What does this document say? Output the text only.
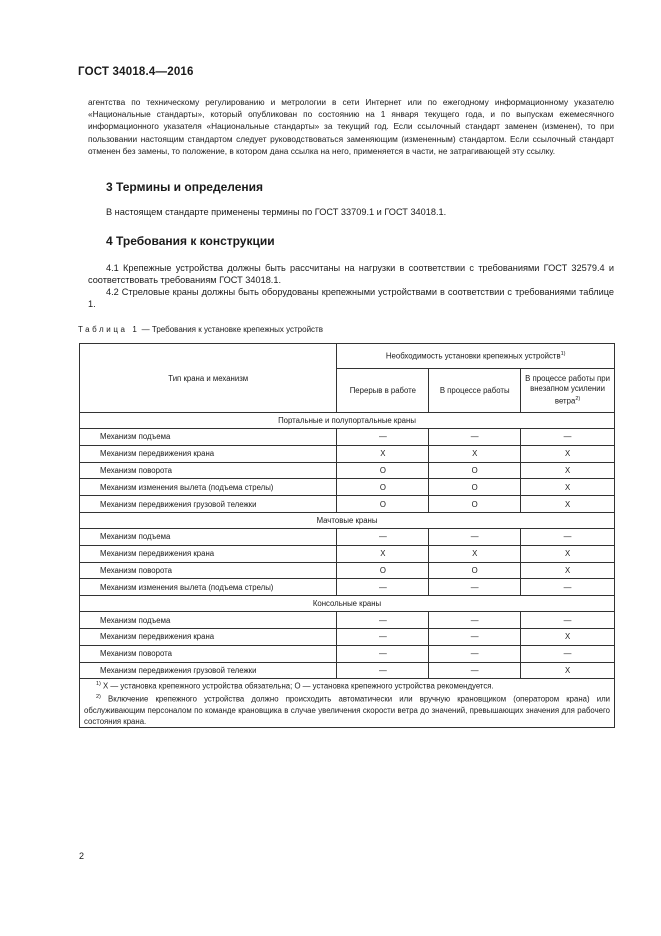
ГОСТ 34018.4—2016

агентства по техническому регулированию и метрологии в сети Интернет или по ежегодному информационному указателю «Национальные стандарты», который опубликован по состоянию на 1 января текущего года, и по выпускам ежемесячного информационного указателя «Национальные стандарты» за текущий год. Если ссылочный стандарт заменен (изменен), то при пользовании настоящим стандартом следует руководствоваться заменяющим (измененным) стандартом. Если ссылочный стандарт отменен без замены, то положение, в котором дана ссылка на него, применяется в части, не затрагивающей эту ссылку.

3 Термины и определения

В настоящем стандарте применены термины по ГОСТ 33709.1 и ГОСТ 34018.1.

4 Требования к конструкции

4.1 Крепежные устройства должны быть рассчитаны на нагрузки в соответствии с требованиями ГОСТ 32579.4 и соответствовать требованиям ГОСТ 34018.1.

4.2 Стреловые краны должны быть оборудованы крепежными устройствами в соответствии с требованиями таблице 1.

Таблица 1 — Требования к установке крепежных устройств

Тип крана и механизм	Необходимость установки крепежных устройств$^{1)}$
	Перерыв в работе	В процессе работы	В процессе работы при внезапном усилении ветра$^{2)}$
Портальные и полупортальные краны			
Механизм подъема	—	—	—
Механизм передвижения крана	X	X	X
Механизм поворота	O	O	X
Механизм изменения вылета (подъема стрелы)	O	O	X
Механизм передвижения грузовой тележки	O	O	X
Мачтовые краны			
Механизм подъема	—	—	—
Механизм передвижения крана	X	X	X
Механизм поворота	O	O	X
Механизм изменения вылета (подъема стрелы)	—	—	—
Консольные краны			
Механизм подъема	—	—	—
Механизм передвижения крана	—	—	X
Механизм поворота	—	—	—
Механизм передвижения грузовой тележки	—	—	X

$^{1)}$ X — установка крепежного устройства обязательна; O — установка крепежного устройства рекомендуется.

$^{2)}$ Включение крепежного устройства должно происходить автоматически или вручную крановщиком (оператором крана) или обслуживающим персоналом по команде крановщика в случае увеличения скорости ветра до значений, превышающих значения для рабочего состояния крана.			

2
